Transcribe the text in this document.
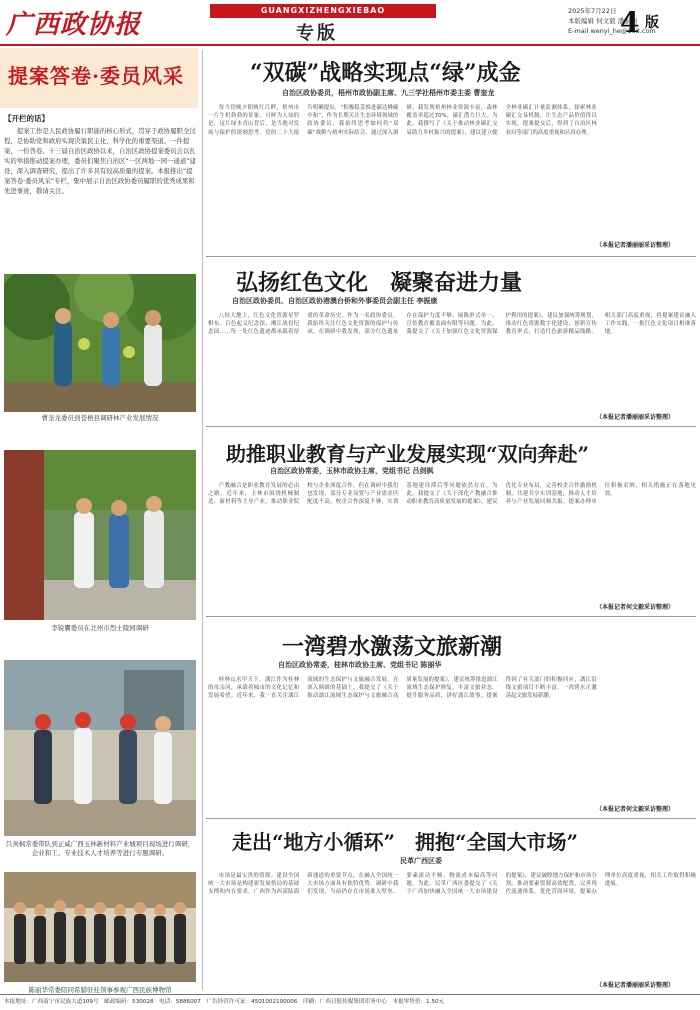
广西政协报	GUANGXIZHENGXIEBAO
专版
2025年7月22日
本版编辑 何文毅 潘丽丽
E-mail wenyi_he@163.com
4 版
提案答卷·委员风采
【开栏的话】
提案工作是人民政协履行职能的核心形式，贯穿于政协履职全过程，是协助党和政府实现决策民主化、科学化的重要渠道。一件提案，一份答卷。十三届自治区政协以来，自治区政协提案委员会以扎实的举措推动提案办理，委员们聚焦自治区“一区两地一园一通道”建设，深入调查研究，提出了许多具有较高质量的提案。本报推出“提案答卷·委员风采”专栏，集中展示自治区政协委员履职的优秀成果和先进事迹，敬请关注。
曹奎龙委员到苍梧县调研林产业发展情况
李锐囊委员在北州市烈士陵园调研
吕剑枫常委带队到正威广西玉林新材料产业城项目现场进行调研，企业和工、专业技术人才培养等进行专题调研。
陈丽华常委陪同希腊驻桂领事参观广西民族博物馆
“双碳”战略实现点“绿”成金
自治区政协委员，梧州市政协副主席、九三学社梧州市委主委 曹奎龙

每当傍晚夕阳映红江畔，梧州市一片生机勃勃的景象。可鲜为人知的是，这片绿水青山背后，是当地对发展与保护的深刻思考。党的二十大报告明确提出，“积极稳妥推进碳达峰碳中和”。作为长期关注生态环境领域的政协委员，我始终思考如何将“双碳”战略与梧州实际结合。通过深入调研，我发现梧州林业资源丰富，森林覆盖率超过70%，碳汇潜力巨大。为此，我撰写了《关于推动林业碳汇交易助力乡村振兴的提案》，建议建立健全林业碳汇计量监测体系，探索林业碳汇交易机制，让生态产品价值得以实现。提案提交后，得到了自治区林业局等部门的高度重视和认真办理。

（本报记者潘丽丽采访整理）
弘扬红色文化　凝聚奋进力量
自治区政协委员、自治区政协港澳台侨和外事委员会副主任 李振康

八桂大地上，红色文化资源星罗棋布。百色起义纪念馆、湘江战役纪念园……每一处红色遗迹都承载着厚重的革命历史。作为一名政协委员，我始终关注红色文化资源的保护与传承。在调研中我发现，部分红色遗址存在保护力度不够、展陈形式单一、宣传教育覆盖面有限等问题。为此，我提交了《关于加强红色文化资源保护利用的提案》，建议加强统筹规划，推动红色资源数字化建设，创新宣传教育形式，打造红色旅游精品线路。相关部门高度重视，将提案建议融入工作实践，一批红色文化项目相继落地。

（本报记者潘丽丽采访整理）
助推职业教育与产业发展实现“双向奔赴”
自治区政协常委，玉林市政协主席，党组书记 吕剑枫

产教融合是职业教育发展的必由之路。近年来，玉林市围绕机械制造、新材料等主导产业，推动职业院校与企业深度合作，但在调研中我们也发现，部分专业设置与产业需求匹配度不高，校企合作深度不够，实训基地建设滞后等问题依然存在。为此，我提交了《关于深化产教融合推动职业教育高质量发展的提案》，建议优化专业布局，完善校企合作激励机制，共建共享实训基地，推动人才培养与产业发展同频共振。提案办理单位积极采纳，相关措施正在落地见效。

（本报记者何文毅采访整理）
一湾碧水激荡文旅新潮
自治区政协常委，桂林市政协主席、党组书记 陈丽华

桂林山水甲天下。漓江作为桂林的母亲河，承载着城市的文化记忆和发展希望。近年来，我一直关注漓江流域的生态保护与文旅融合发展。在深入调研的基础上，我提交了《关于推动漓江流域生态保护与文旅融合高质量发展的提案》，建议统筹推进漓江流域生态保护修复，丰富文旅业态，提升服务品质，讲好漓江故事。提案得到了有关部门的积极回应，漓江沿线文旅项目不断丰富，一湾碧水正激荡起文旅发展新潮。

（本报记者何文毅采访整理）
走出“地方小循环”　拥抱“全国大市场”
民革广西区委

市场是最宝贵的资源。建设全国统一大市场是构建新发展格局的基础支撑和内在要求。广西作为西部陆海新通道的重要节点，在融入全国统一大市场方面具有独特优势。调研中我们发现，当前仍存在市场准入壁垒、要素流动不畅、物流成本偏高等问题。为此，民革广西区委提交了《关于广西加快融入全国统一大市场建设的提案》，建议破除地方保护和市场分割，推动要素资源高效配置，完善现代流通体系，优化营商环境。提案办理单位高度重视，相关工作取得积极进展。

（本报记者潘丽丽采访整理）
本报地址：广西南宁市民族大道109号　邮政编码：530028　电话：5886007　广告经营许可证：4501002100006　印刷：广西日报传媒集团印务中心　本报零售价：1.50元
